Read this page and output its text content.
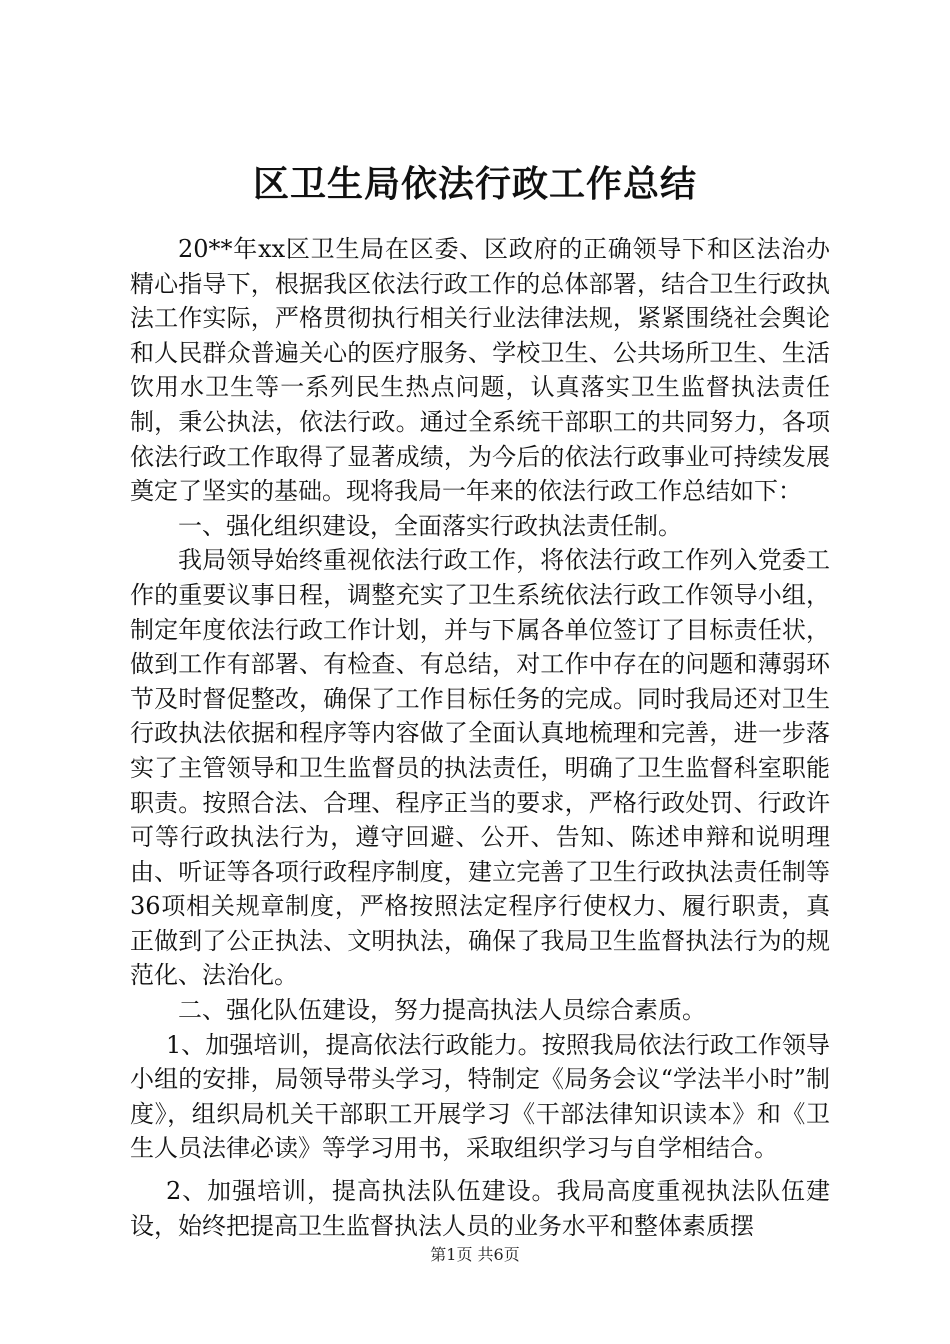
区卫生局依法行政工作总结

20**年xx区卫生局在区委、区政府的正确领导下和区法治办精心指导下，根据我区依法行政工作的总体部署，结合卫生行政执法工作实际，严格贯彻执行相关行业法律法规，紧紧围绕社会舆论和人民群众普遍关心的医疗服务、学校卫生、公共场所卫生、生活饮用水卫生等一系列民生热点问题，认真落实卫生监督执法责任制，秉公执法，依法行政。通过全系统干部职工的共同努力，各项依法行政工作取得了显著成绩，为今后的依法行政事业可持续发展奠定了坚实的基础。现将我局一年来的依法行政工作总结如下：

一、强化组织建设，全面落实行政执法责任制。

我局领导始终重视依法行政工作，将依法行政工作列入党委工作的重要议事日程，调整充实了卫生系统依法行政工作领导小组，制定年度依法行政工作计划，并与下属各单位签订了目标责任状，做到工作有部署、有检查、有总结，对工作中存在的问题和薄弱环节及时督促整改，确保了工作目标任务的完成。同时我局还对卫生行政执法依据和程序等内容做了全面认真地梳理和完善，进一步落实了主管领导和卫生监督员的执法责任，明确了卫生监督科室职能职责。按照合法、合理、程序正当的要求，严格行政处罚、行政许可等行政执法行为，遵守回避、公开、告知、陈述申辩和说明理由、听证等各项行政程序制度，建立完善了卫生行政执法责任制等36项相关规章制度，严格按照法定程序行使权力、履行职责，真正做到了公正执法、文明执法，确保了我局卫生监督执法行为的规范化、法治化。

二、强化队伍建设，努力提高执法人员综合素质。

1、加强培训，提高依法行政能力。按照我局依法行政工作领导小组的安排，局领导带头学习，特制定《局务会议“学法半小时”制度》，组织局机关干部职工开展学习《干部法律知识读本》和《卫生人员法律必读》等学习用书，采取组织学习与自学相结合。

2、加强培训，提高执法队伍建设。我局高度重视执法队伍建设，始终把提高卫生监督执法人员的业务水平和整体素质摆

第1页 共6页
